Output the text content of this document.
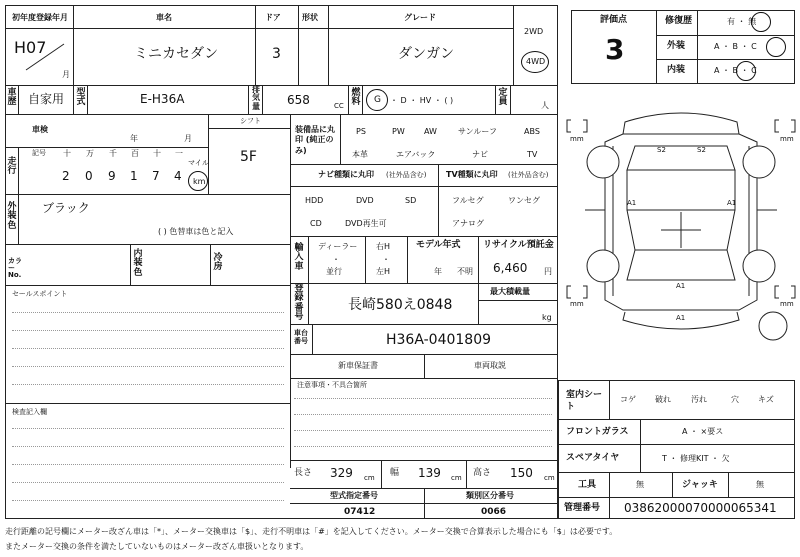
初年度登録年月
H07
月
車名
ミニカセダン
ドア
3
形状	グレード
ダンガン
2WD
4WD
車歴 自家用 型式	E-H36A
排気量 658	CC
燃料 G ・ D ・ HV ・ ( )
定員	人
車検
年	月
シフト
5F
走行
記号 十 万 千 百 十 一
マイル
2 0 9 1 7 4 km
外装色
ブラック
( ) 色替車は色と記入
カラーNo.
内装色
冷房
セールスポイント
検査記入欄
装備品に丸印 (純正のみ)
PS	PW AW	サンルーフ	ABS
本革	エアバック	ナビ	TV
ナビ種類に丸印 (社外品含む) TV種類に丸印 (社外品含む)
HDD	DVD	SD
CD	DVD再生可
フルセグ	ワンセグ
アナログ
輸入車
ディーラー
・
並行
右H
・
左H
モデル年式
年 不明
リサイクル預託金
6,460 円
登録番号
長崎580え0848
最大積載量
kg
車台番号	H36A-0401809
新車保証書	車両取説
注意事項・不具合箇所
長さ 329 cm 幅 139 cm 高さ 150 cm
型式指定番号
07412
類別区分番号
0066
評価点
3
修復歴	有 ・ 無
外装	A ・ B ・ C
内装	A ・ B ・ C
mm	mm
mm	mm
S2	S2
A1	A1
A1
A1
室内シート
コゲ 破れ	汚れ	穴 キズ
フロントガラス	A ・ ×要ス
スペアタイヤ	T ・ 修理KIT ・ 欠
工具	無	ジャッキ	無
管理番号 03862000070000065341
走行距離の記号欄にメーター改ざん車は「*」、メーター交換車は「$」、走行不明車は「#」を記入してください。メーター交換で合算表示した場合にも「$」は必要です。
またメーター交換の条件を満たしていないものはメーター改ざん車扱いとなります。
